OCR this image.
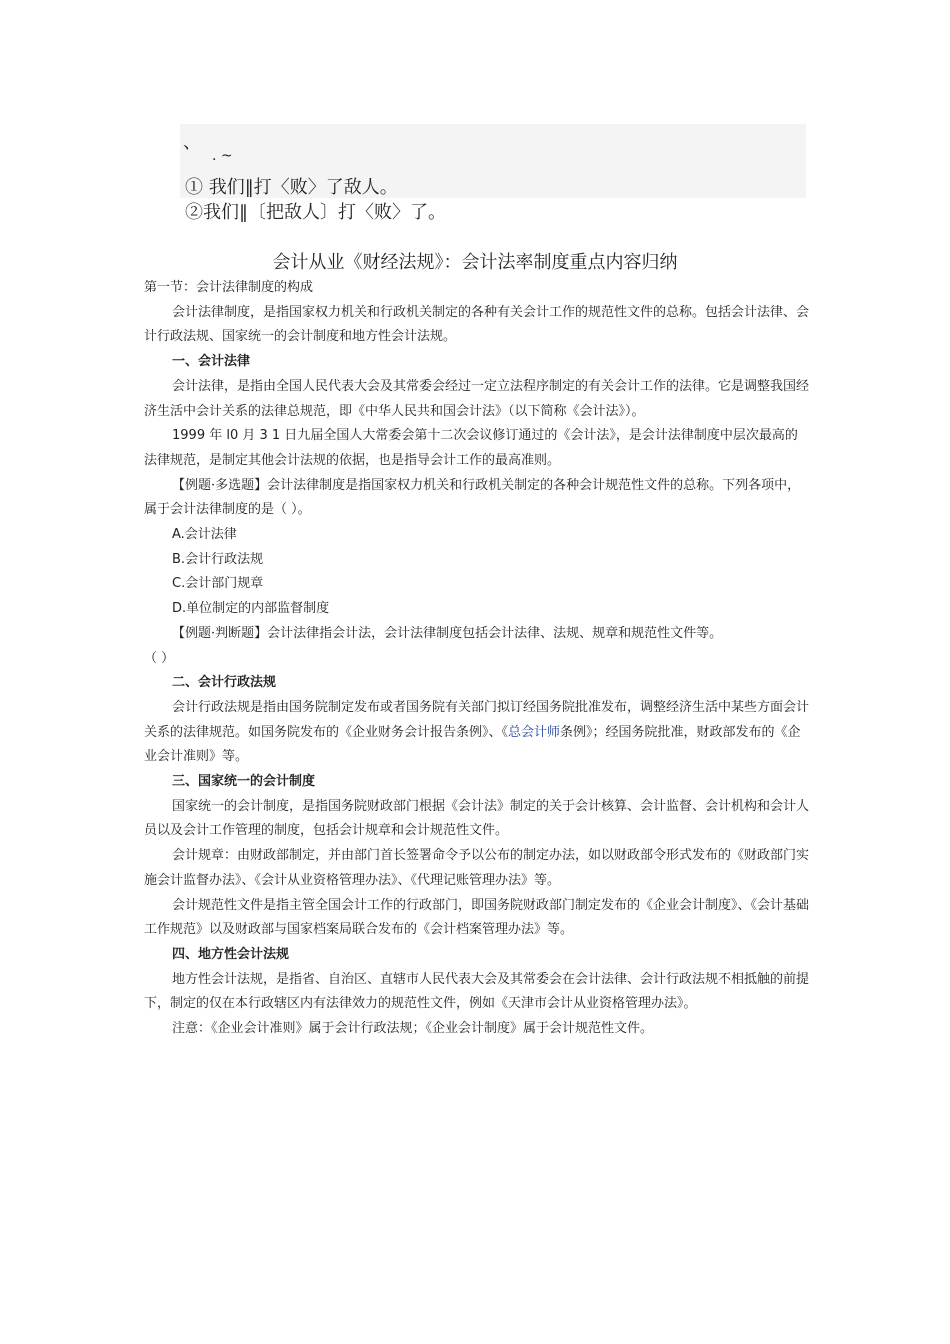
、
. ~
① 我们‖打〈败〉了敌人。
②我们‖〔把敌人〕打〈败〉了。
会计从业《财经法规》：会计法率制度重点内容归纳

第一节：会计法律制度的构成

会计法律制度，是指国家权力机关和行政机关制定的各种有关会计工作的规范性文件的总称。包括会计法律、会计行政法规、国家统一的会计制度和地方性会计法规。

一、会计法律

会计法律，是指由全国人民代表大会及其常委会经过一定立法程序制定的有关会计工作的法律。它是调整我国经济生活中会计关系的法律总规范，即《中华人民共和国会计法》（以下简称《会计法》）。

1999 年 l0 月 3 1 日九届全国人大常委会第十二次会议修订通过的《会计法》，是会计法律制度中层次最高的法律规范，是制定其他会计法规的依据，也是指导会计工作的最高准则。

【例题·多选题】会计法律制度是指国家权力机关和行政机关制定的各种会计规范性文件的总称。下列各项中，属于会计法律制度的是（ ）。

A.会计法律

B.会计行政法规

C.会计部门规章

D.单位制定的内部监督制度

【例题·判断题】会计法律指会计法，会计法律制度包括会计法律、法规、规章和规范性文件等。

（ ）

二、会计行政法规

会计行政法规是指由国务院制定发布或者国务院有关部门拟订经国务院批准发布，调整经济生活中某些方面会计关系的法律规范。如国务院发布的《企业财务会计报告条例》、《总会计师条例》；经国务院批准，财政部发布的《企业会计准则》等。

三、国家统一的会计制度

国家统一的会计制度，是指国务院财政部门根据《会计法》制定的关于会计核算、会计监督、会计机构和会计人员以及会计工作管理的制度，包括会计规章和会计规范性文件。

会计规章：由财政部制定，并由部门首长签署命令予以公布的制定办法，如以财政部令形式发布的《财政部门实施会计监督办法》、《会计从业资格管理办法》、《代理记账管理办法》等。

会计规范性文件是指主管全国会计工作的行政部门，即国务院财政部门制定发布的《企业会计制度》、《会计基础工作规范》以及财政部与国家档案局联合发布的《会计档案管理办法》等。

四、地方性会计法规

地方性会计法规，是指省、自治区、直辖市人民代表大会及其常委会在会计法律、会计行政法规不相抵触的前提下，制定的仅在本行政辖区内有法律效力的规范性文件，例如《天津市会计从业资格管理办法》。

注意：《企业会计准则》属于会计行政法规；《企业会计制度》属于会计规范性文件。
